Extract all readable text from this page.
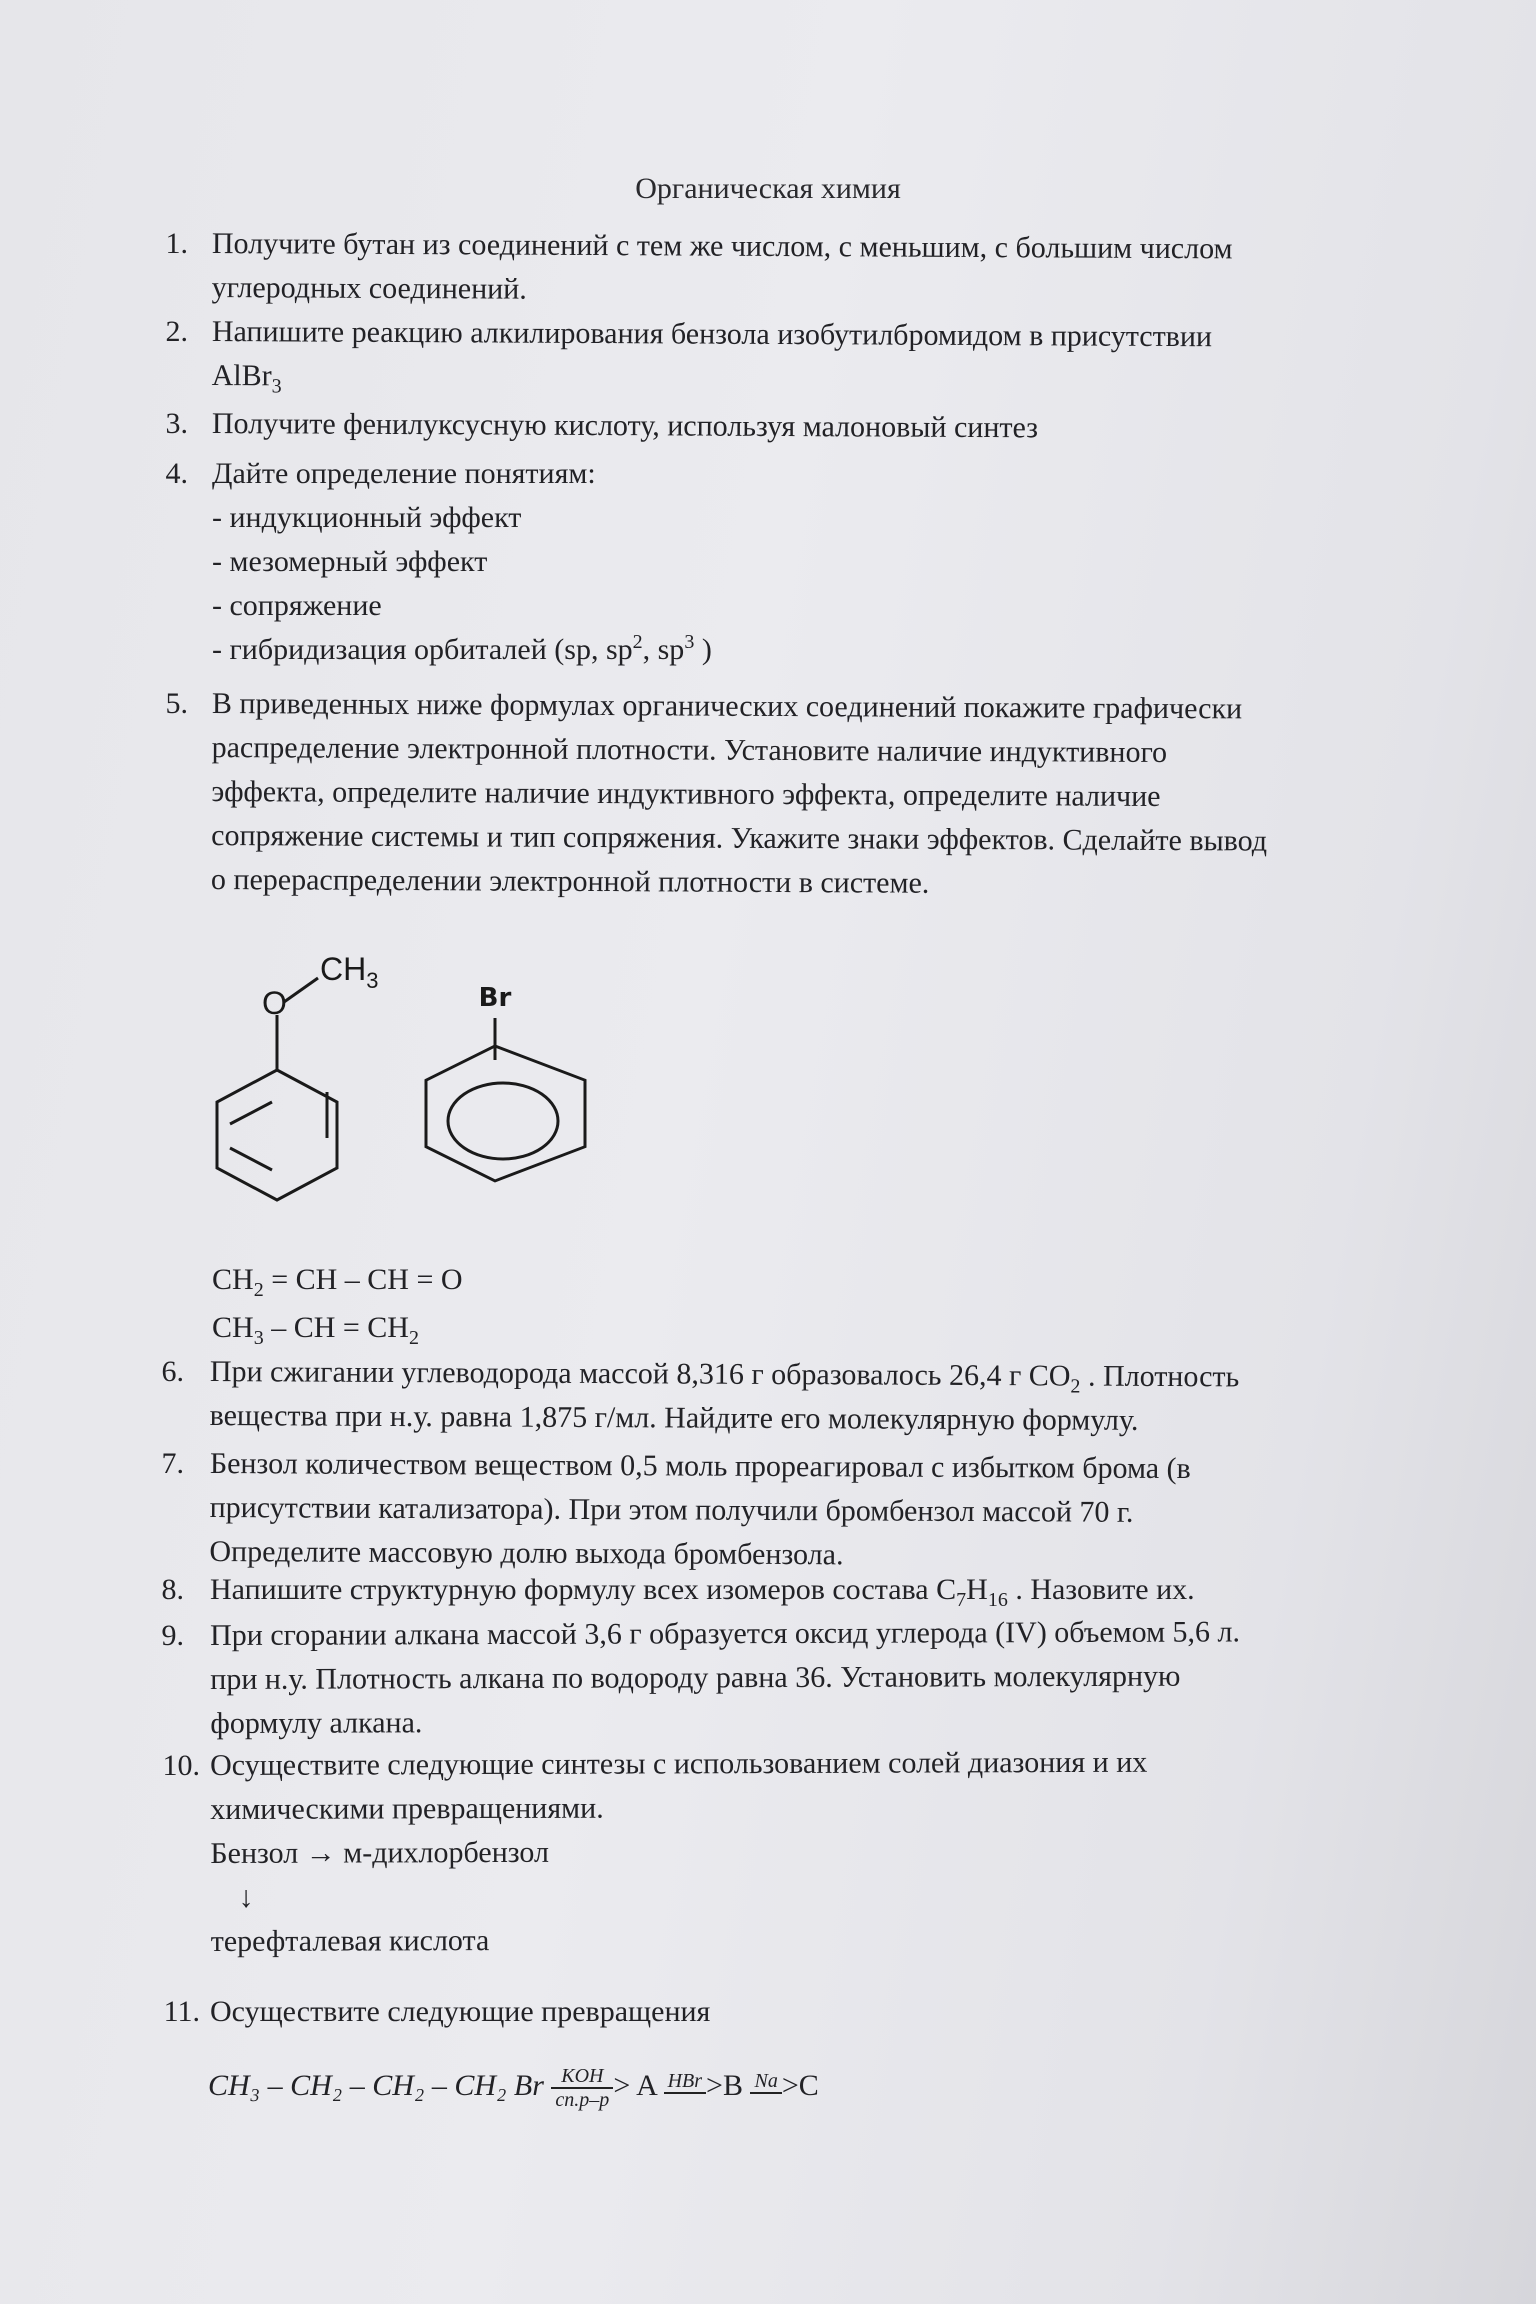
Органическая химия
1. Получите бутан из соединений с тем же числом, с меньшим, с большим числом
углеродных соединений.
2. Напишите реакцию алкилирования бензола изобутилбромидом в присутствии
AlBr$_3$
3. Получите фенилуксусную кислоту, используя малоновый синтез
4. Дайте определение понятиям:
- индукционный эффект
- мезомерный эффект
- сопряжение
- гибридизация орбиталей (sp, $sp^2$, $sp^3$ )
5. В приведенных ниже формулах органических соединений покажите графически
распределение электронной плотности. Установите наличие индуктивного
эффекта, определите наличие индуктивного эффекта, определите наличие
сопряжение системы и тип сопряжения. Укажите знаки эффектов. Сделайте вывод
о перераспределении электронной плотности в системе.
O
$CH_3$
Br
$CH_2$ = CH – CH = O
$CH_3$ – CH = $CH_2$
6. При сжигании углеводорода массой 8,316 г образовалось 26,4 г $CO_2$ . Плотность
вещества при н.у. равна 1,875 г/мл. Найдите его молекулярную формулу.
7. Бензол количеством веществом 0,5 моль прореагировал с избытком брома (в
присутствии катализатора). При этом получили бромбензол массой 70 г.
Определите массовую долю выхода бромбензола.
8. Напишите структурную формулу всех изомеров состава $C_7H_{16}$ . Назовите их.
9. При сгорании алкана массой 3,6 г образуется оксид углерода (IV) объемом 5,6 л.
при н.у. Плотность алкана по водороду равна 36. Установить молекулярную
формулу алкана.
10. Осуществите следующие синтезы с использованием солей диазония и их
химическими превращениями.
Бензол → м-дихлорбензол
↓
терефталевая кислота
11. Осуществите следующие превращения
CH₃ – CH₂ – CH₂ – CH₂ Br $\frac{\text{KOH}}{сп.р-р} > A$ HBr >B Na >C
